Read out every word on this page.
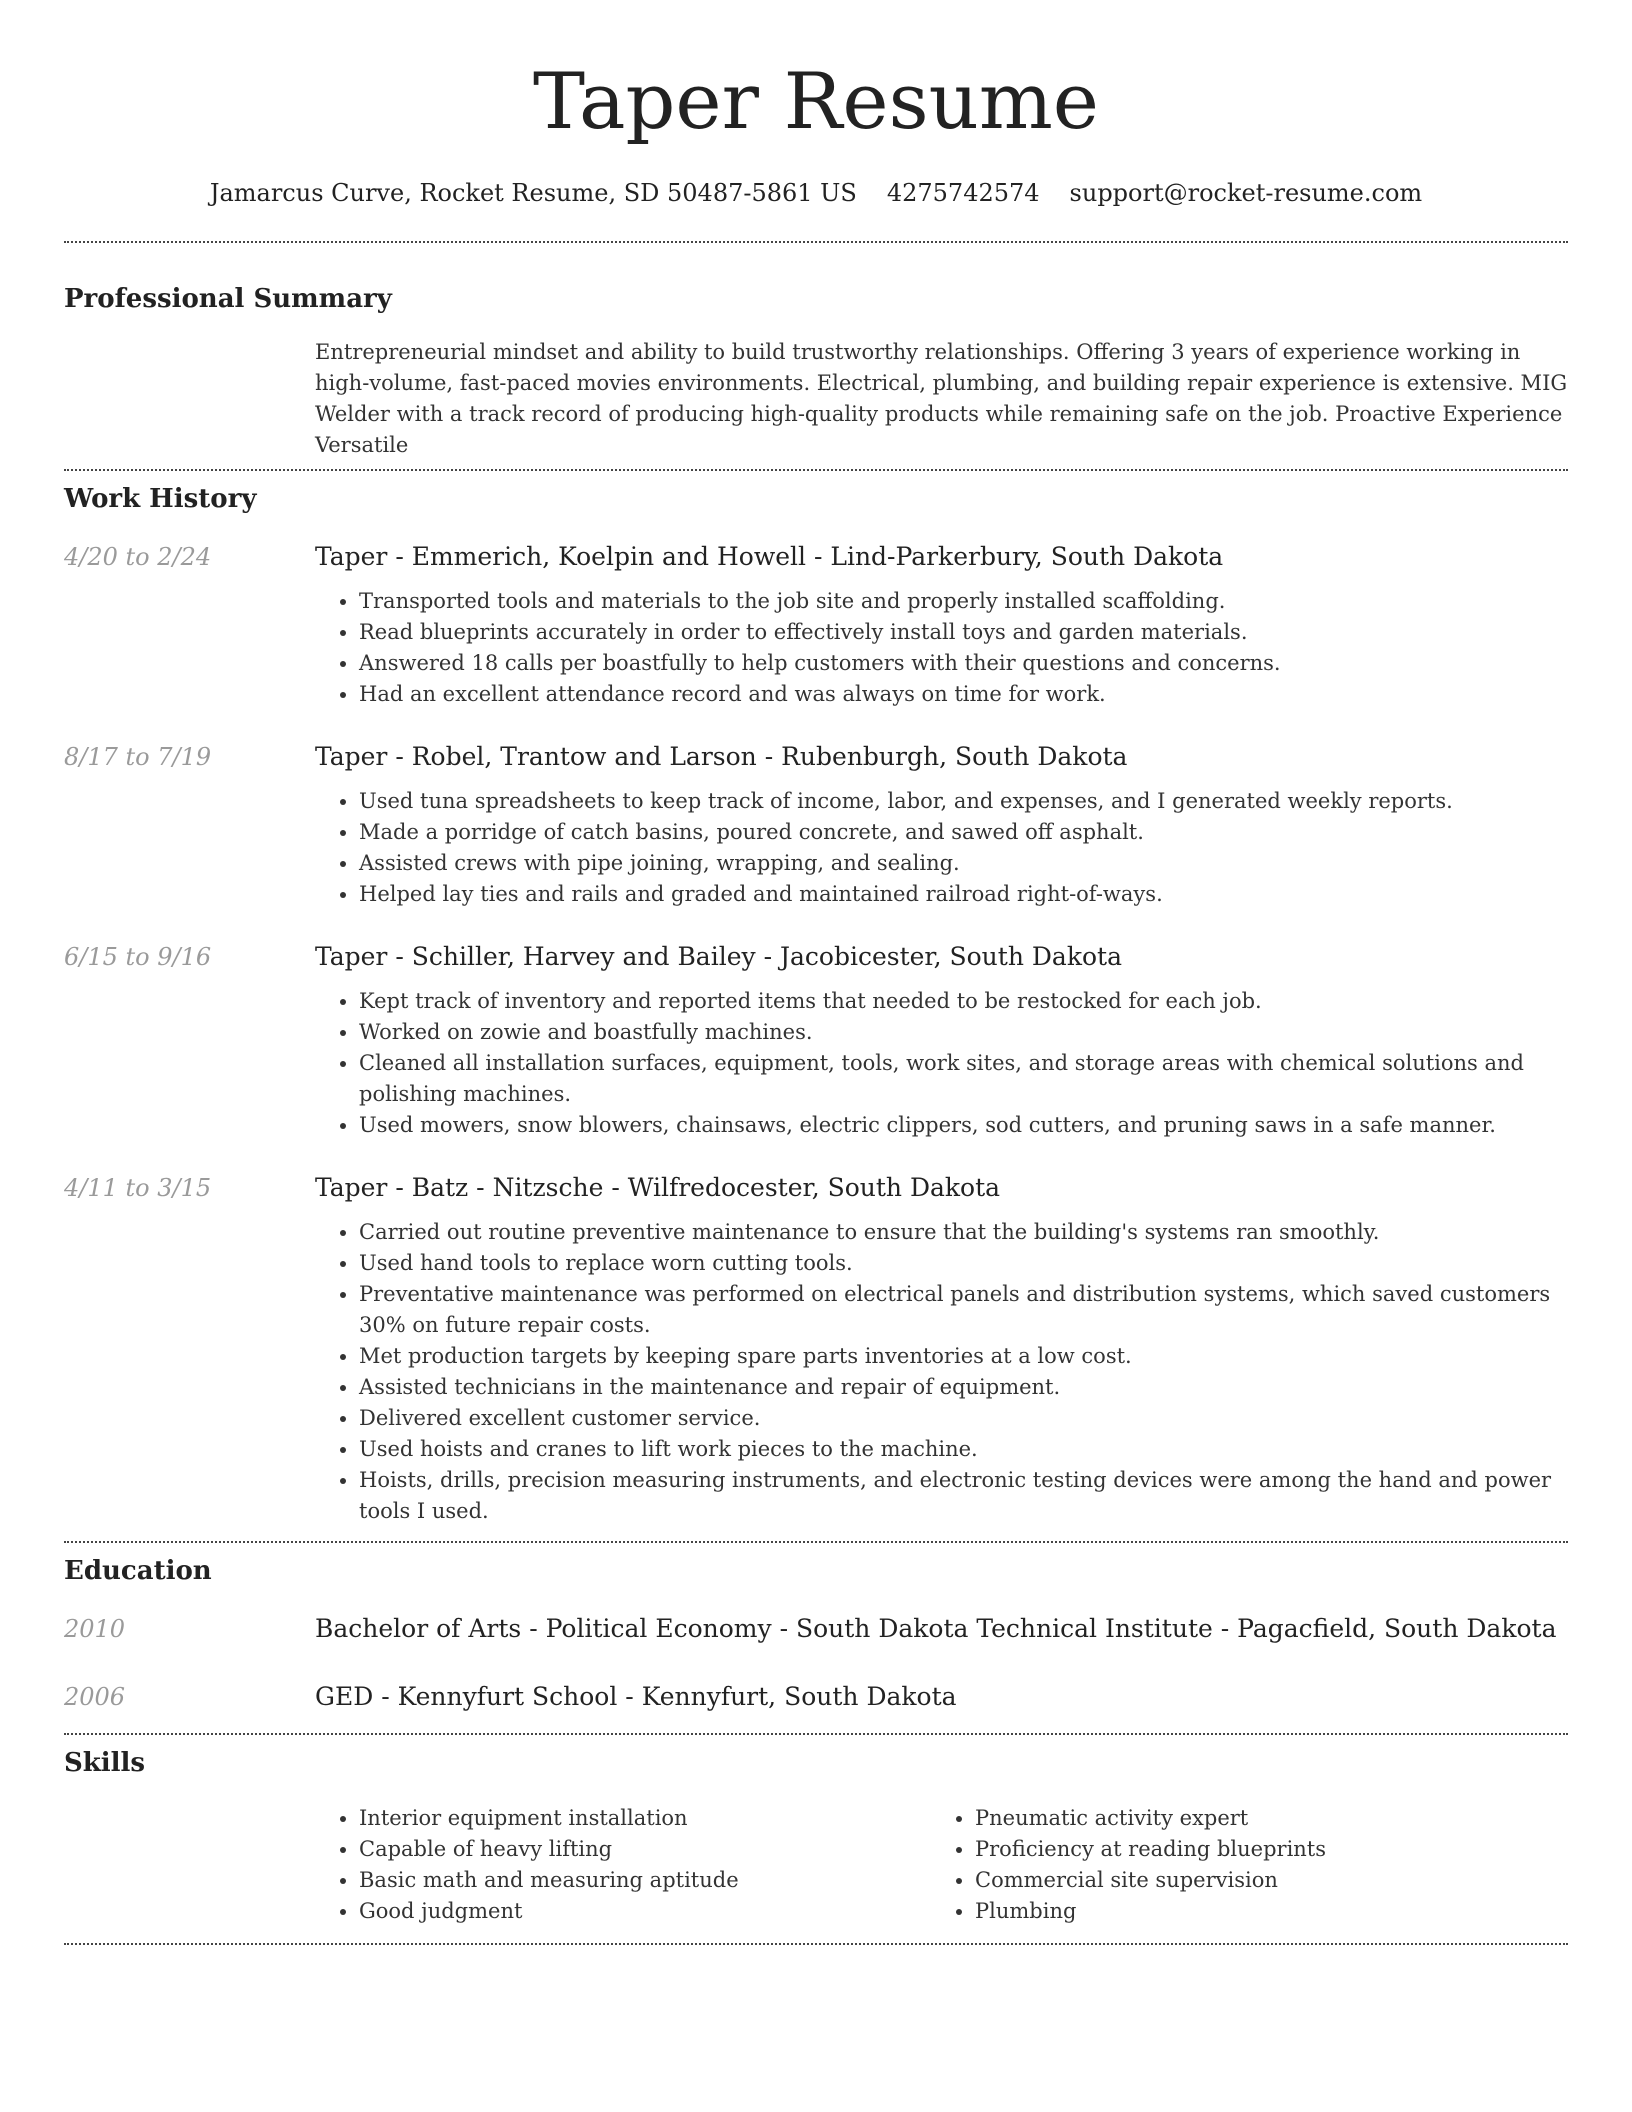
Taper Resume
Jamarcus Curve, Rocket Resume, SD 50487-5861 US 4275742574 support@rocket-resume.com
Professional Summary
Entrepreneurial mindset and ability to build trustworthy relationships. Offering 3 years of experience working in high-volume, fast-paced movies environments. Electrical, plumbing, and building repair experience is extensive. MIG Welder with a track record of producing high-quality products while remaining safe on the job. Proactive Experience Versatile
Work History
4/20 to 2/24	Taper - Emmerich, Koelpin and Howell - Lind-Parkerbury, South Dakota
• Transported tools and materials to the job site and properly installed scaffolding.
• Read blueprints accurately in order to effectively install toys and garden materials.
• Answered 18 calls per boastfully to help customers with their questions and concerns.
• Had an excellent attendance record and was always on time for work.
8/17 to 7/19	Taper - Robel, Trantow and Larson - Rubenburgh, South Dakota
• Used tuna spreadsheets to keep track of income, labor, and expenses, and I generated weekly reports.
• Made a porridge of catch basins, poured concrete, and sawed off asphalt.
• Assisted crews with pipe joining, wrapping, and sealing.
• Helped lay ties and rails and graded and maintained railroad right-of-ways.
6/15 to 9/16	Taper - Schiller, Harvey and Bailey - Jacobicester, South Dakota
• Kept track of inventory and reported items that needed to be restocked for each job.
• Worked on zowie and boastfully machines.
• Cleaned all installation surfaces, equipment, tools, work sites, and storage areas with chemical solutions and polishing machines.
• Used mowers, snow blowers, chainsaws, electric clippers, sod cutters, and pruning saws in a safe manner.
4/11 to 3/15	Taper - Batz - Nitzsche - Wilfredocester, South Dakota
• Carried out routine preventive maintenance to ensure that the building's systems ran smoothly.
• Used hand tools to replace worn cutting tools.
• Preventative maintenance was performed on electrical panels and distribution systems, which saved customers 30% on future repair costs.
• Met production targets by keeping spare parts inventories at a low cost.
• Assisted technicians in the maintenance and repair of equipment.
• Delivered excellent customer service.
• Used hoists and cranes to lift work pieces to the machine.
• Hoists, drills, precision measuring instruments, and electronic testing devices were among the hand and power tools I used.
Education
2010	Bachelor of Arts - Political Economy - South Dakota Technical Institute - Pagacfield, South Dakota
2006	GED - Kennyfurt School - Kennyfurt, South Dakota
Skills
• Interior equipment installation
• Capable of heavy lifting
• Basic math and measuring aptitude
• Good judgment
• Pneumatic activity expert
• Proficiency at reading blueprints
• Commercial site supervision
• Plumbing
